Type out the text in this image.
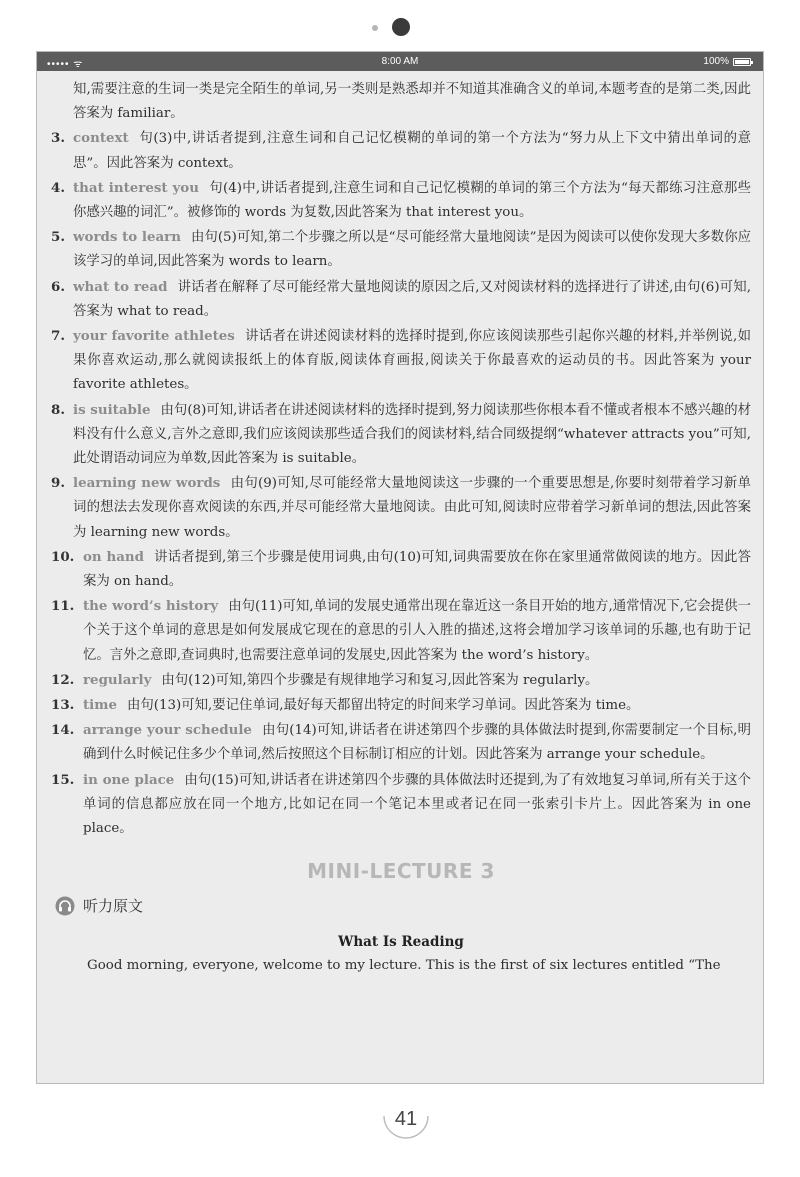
••••• ᯤ	8:00 AM	100%
知,需要注意的生词一类是完全陌生的单词,另一类则是熟悉却并不知道其准确含义的单词,本题考查的是第二类,因此答案为 familiar。
3. context 句(3)中,讲话者提到,注意生词和自己记忆模糊的单词的第一个方法为“努力从上下文中猜出单词的意思”。因此答案为 context。
4. that interest you 句(4)中,讲话者提到,注意生词和自己记忆模糊的单词的第三个方法为“每天都练习注意那些你感兴趣的词汇”。被修饰的 words 为复数,因此答案为 that interest you。
5. words to learn 由句(5)可知,第二个步骤之所以是“尽可能经常大量地阅读”是因为阅读可以使你发现大多数你应该学习的单词,因此答案为 words to learn。
6. what to read 讲话者在解释了尽可能经常大量地阅读的原因之后,又对阅读材料的选择进行了讲述,由句(6)可知,答案为 what to read。
7. your favorite athletes 讲话者在讲述阅读材料的选择时提到,你应该阅读那些引起你兴趣的材料,并举例说,如果你喜欢运动,那么就阅读报纸上的体育版,阅读体育画报,阅读关于你最喜欢的运动员的书。因此答案为 your favorite athletes。
8. is suitable 由句(8)可知,讲话者在讲述阅读材料的选择时提到,努力阅读那些你根本看不懂或者根本不感兴趣的材料没有什么意义,言外之意即,我们应该阅读那些适合我们的阅读材料,结合同级提纲“whatever attracts you”可知,此处谓语动词应为单数,因此答案为 is suitable。
9. learning new words 由句(9)可知,尽可能经常大量地阅读这一步骤的一个重要思想是,你要时刻带着学习新单词的想法去发现你喜欢阅读的东西,并尽可能经常大量地阅读。由此可知,阅读时应带着学习新单词的想法,因此答案为 learning new words。
10. on hand 讲话者提到,第三个步骤是使用词典,由句(10)可知,词典需要放在你在家里通常做阅读的地方。因此答案为 on hand。
11. the word’s history 由句(11)可知,单词的发展史通常出现在靠近这一条目开始的地方,通常情况下,它会提供一个关于这个单词的意思是如何发展成它现在的意思的引人入胜的描述,这将会增加学习该单词的乐趣,也有助于记忆。言外之意即,查词典时,也需要注意单词的发展史,因此答案为 the word’s history。
12. regularly 由句(12)可知,第四个步骤是有规律地学习和复习,因此答案为 regularly。
13. time 由句(13)可知,要记住单词,最好每天都留出特定的时间来学习单词。因此答案为 time。
14. arrange your schedule 由句(14)可知,讲话者在讲述第四个步骤的具体做法时提到,你需要制定一个目标,明确到什么时候记住多少个单词,然后按照这个目标制订相应的计划。因此答案为 arrange your schedule。
15. in one place 由句(15)可知,讲话者在讲述第四个步骤的具体做法时还提到,为了有效地复习单词,所有关于这个单词的信息都应放在同一个地方,比如记在同一个笔记本里或者记在同一张索引卡片上。因此答案为 in one place。
MINI-LECTURE 3
听力原文
What Is Reading
Good morning, everyone, welcome to my lecture. This is the first of six lectures entitled “The
41
